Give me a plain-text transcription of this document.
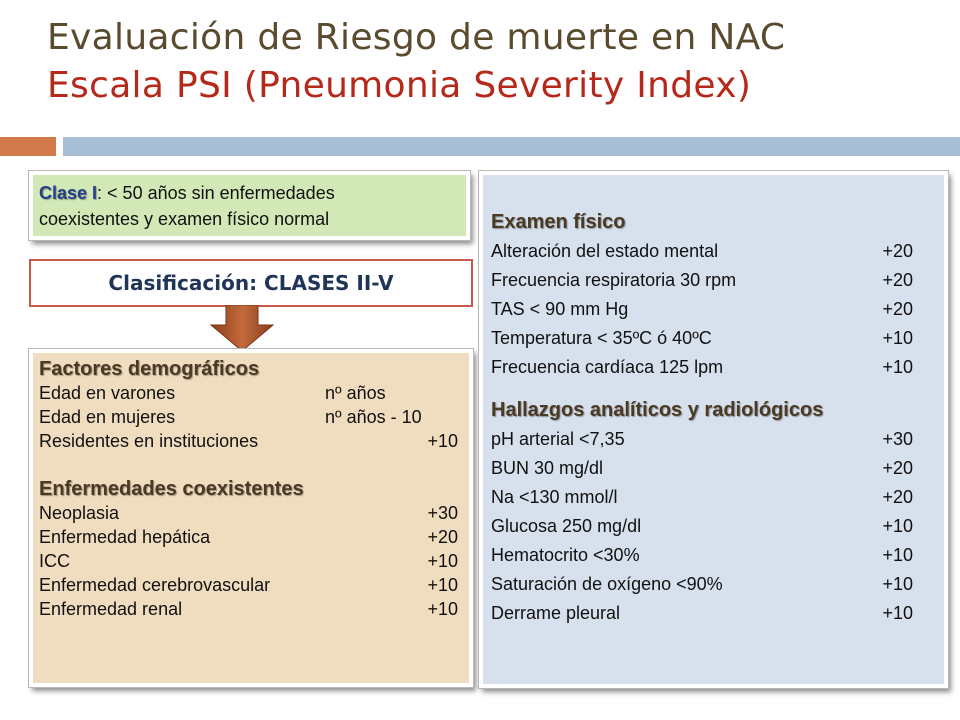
Evaluación de Riesgo de muerte en NAC
Escala PSI (Pneumonia Severity Index)
Clase I: < 50 años sin enfermedades
coexistentes y examen físico normal
Clasificación: CLASES II-V
Factores demográficos
Edad en varones	nº años
Edad en mujeres	nº años - 10
Residentes en instituciones	+10
Enfermedades coexistentes
Neoplasia	+30
Enfermedad hepática	+20
ICC	+10
Enfermedad cerebrovascular	+10
Enfermedad renal	+10
Examen físico
Alteración del estado mental	+20
Frecuencia respiratoria 30 rpm	+20
TAS < 90 mm Hg	+20
Temperatura < 35ºC ó 40ºC	+10
Frecuencia cardíaca 125 lpm	+10
Hallazgos analíticos y radiológicos
pH arterial <7,35	+30
BUN 30 mg/dl	+20
Na <130 mmol/l	+20
Glucosa 250 mg/dl	+10
Hematocrito <30%	+10
Saturación de oxígeno <90%	+10
Derrame pleural	+10
